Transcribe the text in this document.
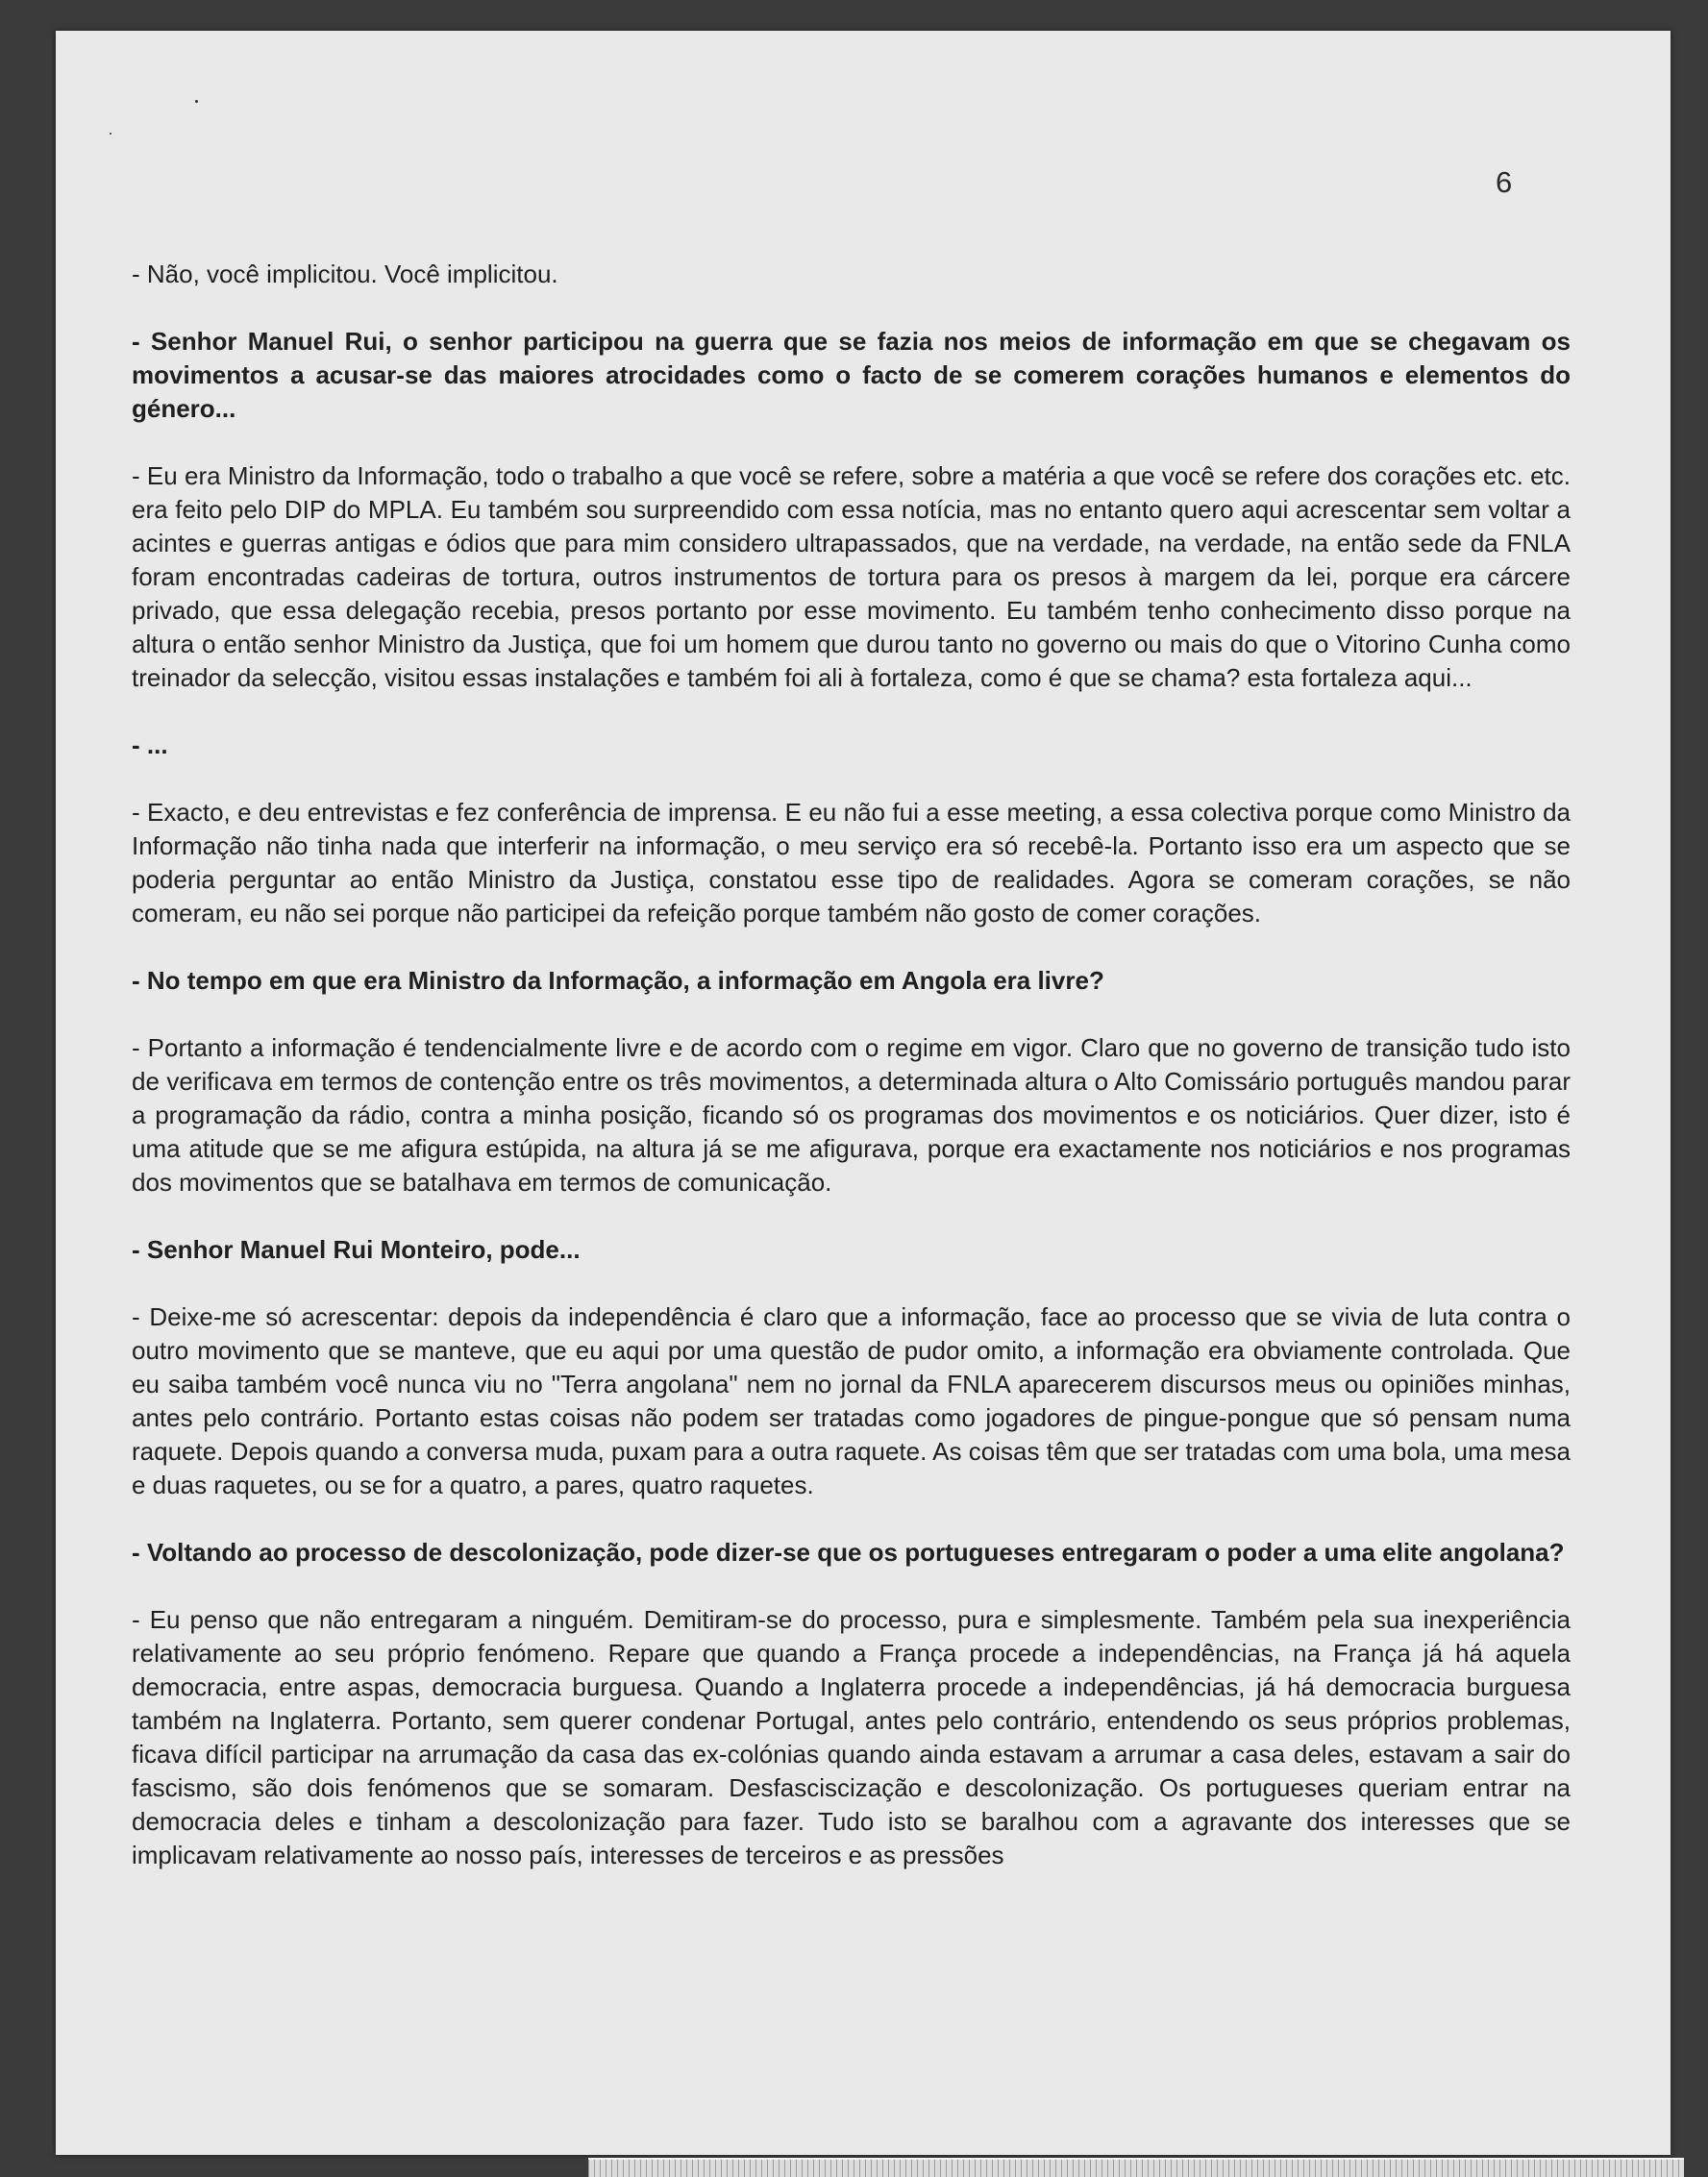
6

- Não, você implicitou. Você implicitou.

- Senhor Manuel Rui, o senhor participou na guerra que se fazia nos meios de informação em que se chegavam os movimentos a acusar-se das maiores atrocidades como o facto de se comerem corações humanos e elementos do género...

- Eu era Ministro da Informação, todo o trabalho a que você se refere, sobre a matéria a que você se refere dos corações etc. etc. era feito pelo DIP do MPLA. Eu também sou surpreendido com essa notícia, mas no entanto quero aqui acrescentar sem voltar a acintes e guerras antigas e ódios que para mim considero ultrapassados, que na verdade, na verdade, na então sede da FNLA foram encontradas cadeiras de tortura, outros instrumentos de tortura para os presos à margem da lei, porque era cárcere privado, que essa delegação recebia, presos portanto por esse movimento. Eu também tenho conhecimento disso porque na altura o então senhor Ministro da Justiça, que foi um homem que durou tanto no governo ou mais do que o Vitorino Cunha como treinador da selecção, visitou essas instalações e também foi ali à fortaleza, como é que se chama? esta fortaleza aqui...

- ...

- Exacto, e deu entrevistas e fez conferência de imprensa. E eu não fui a esse meeting, a essa colectiva porque como Ministro da Informação não tinha nada que interferir na informação, o meu serviço era só recebê-la. Portanto isso era um aspecto que se poderia perguntar ao então Ministro da Justiça, constatou esse tipo de realidades. Agora se comeram corações, se não comeram, eu não sei porque não participei da refeição porque também não gosto de comer corações.

- No tempo em que era Ministro da Informação, a informação em Angola era livre?

- Portanto a informação é tendencialmente livre e de acordo com o regime em vigor. Claro que no governo de transição tudo isto de verificava em termos de contenção entre os três movimentos, a determinada altura o Alto Comissário português mandou parar a programação da rádio, contra a minha posição, ficando só os programas dos movimentos e os noticiários. Quer dizer, isto é uma atitude que se me afigura estúpida, na altura já se me afigurava, porque era exactamente nos noticiários e nos programas dos movimentos que se batalhava em termos de comunicação.

- Senhor Manuel Rui Monteiro, pode...

- Deixe-me só acrescentar: depois da independência é claro que a informação, face ao processo que se vivia de luta contra o outro movimento que se manteve, que eu aqui por uma questão de pudor omito, a informação era obviamente controlada. Que eu saiba também você nunca viu no "Terra angolana" nem no jornal da FNLA aparecerem discursos meus ou opiniões minhas, antes pelo contrário. Portanto estas coisas não podem ser tratadas como jogadores de pingue-pongue que só pensam numa raquete. Depois quando a conversa muda, puxam para a outra raquete. As coisas têm que ser tratadas com uma bola, uma mesa e duas raquetes, ou se for a quatro, a pares, quatro raquetes.

- Voltando ao processo de descolonização, pode dizer-se que os portugueses entregaram o poder a uma elite angolana?

- Eu penso que não entregaram a ninguém. Demitiram-se do processo, pura e simplesmente. Também pela sua inexperiência relativamente ao seu próprio fenómeno. Repare que quando a França procede a independências, na França já há aquela democracia, entre aspas, democracia burguesa. Quando a Inglaterra procede a independências, já há democracia burguesa também na Inglaterra. Portanto, sem querer condenar Portugal, antes pelo contrário, entendendo os seus próprios problemas, ficava difícil participar na arrumação da casa das ex-colónias quando ainda estavam a arrumar a casa deles, estavam a sair do fascismo, são dois fenómenos que se somaram. Desfasciscização e descolonização. Os portugueses queriam entrar na democracia deles e tinham a descolonização para fazer. Tudo isto se baralhou com a agravante dos interesses que se implicavam relativamente ao nosso país, interesses de terceiros e as pressões
